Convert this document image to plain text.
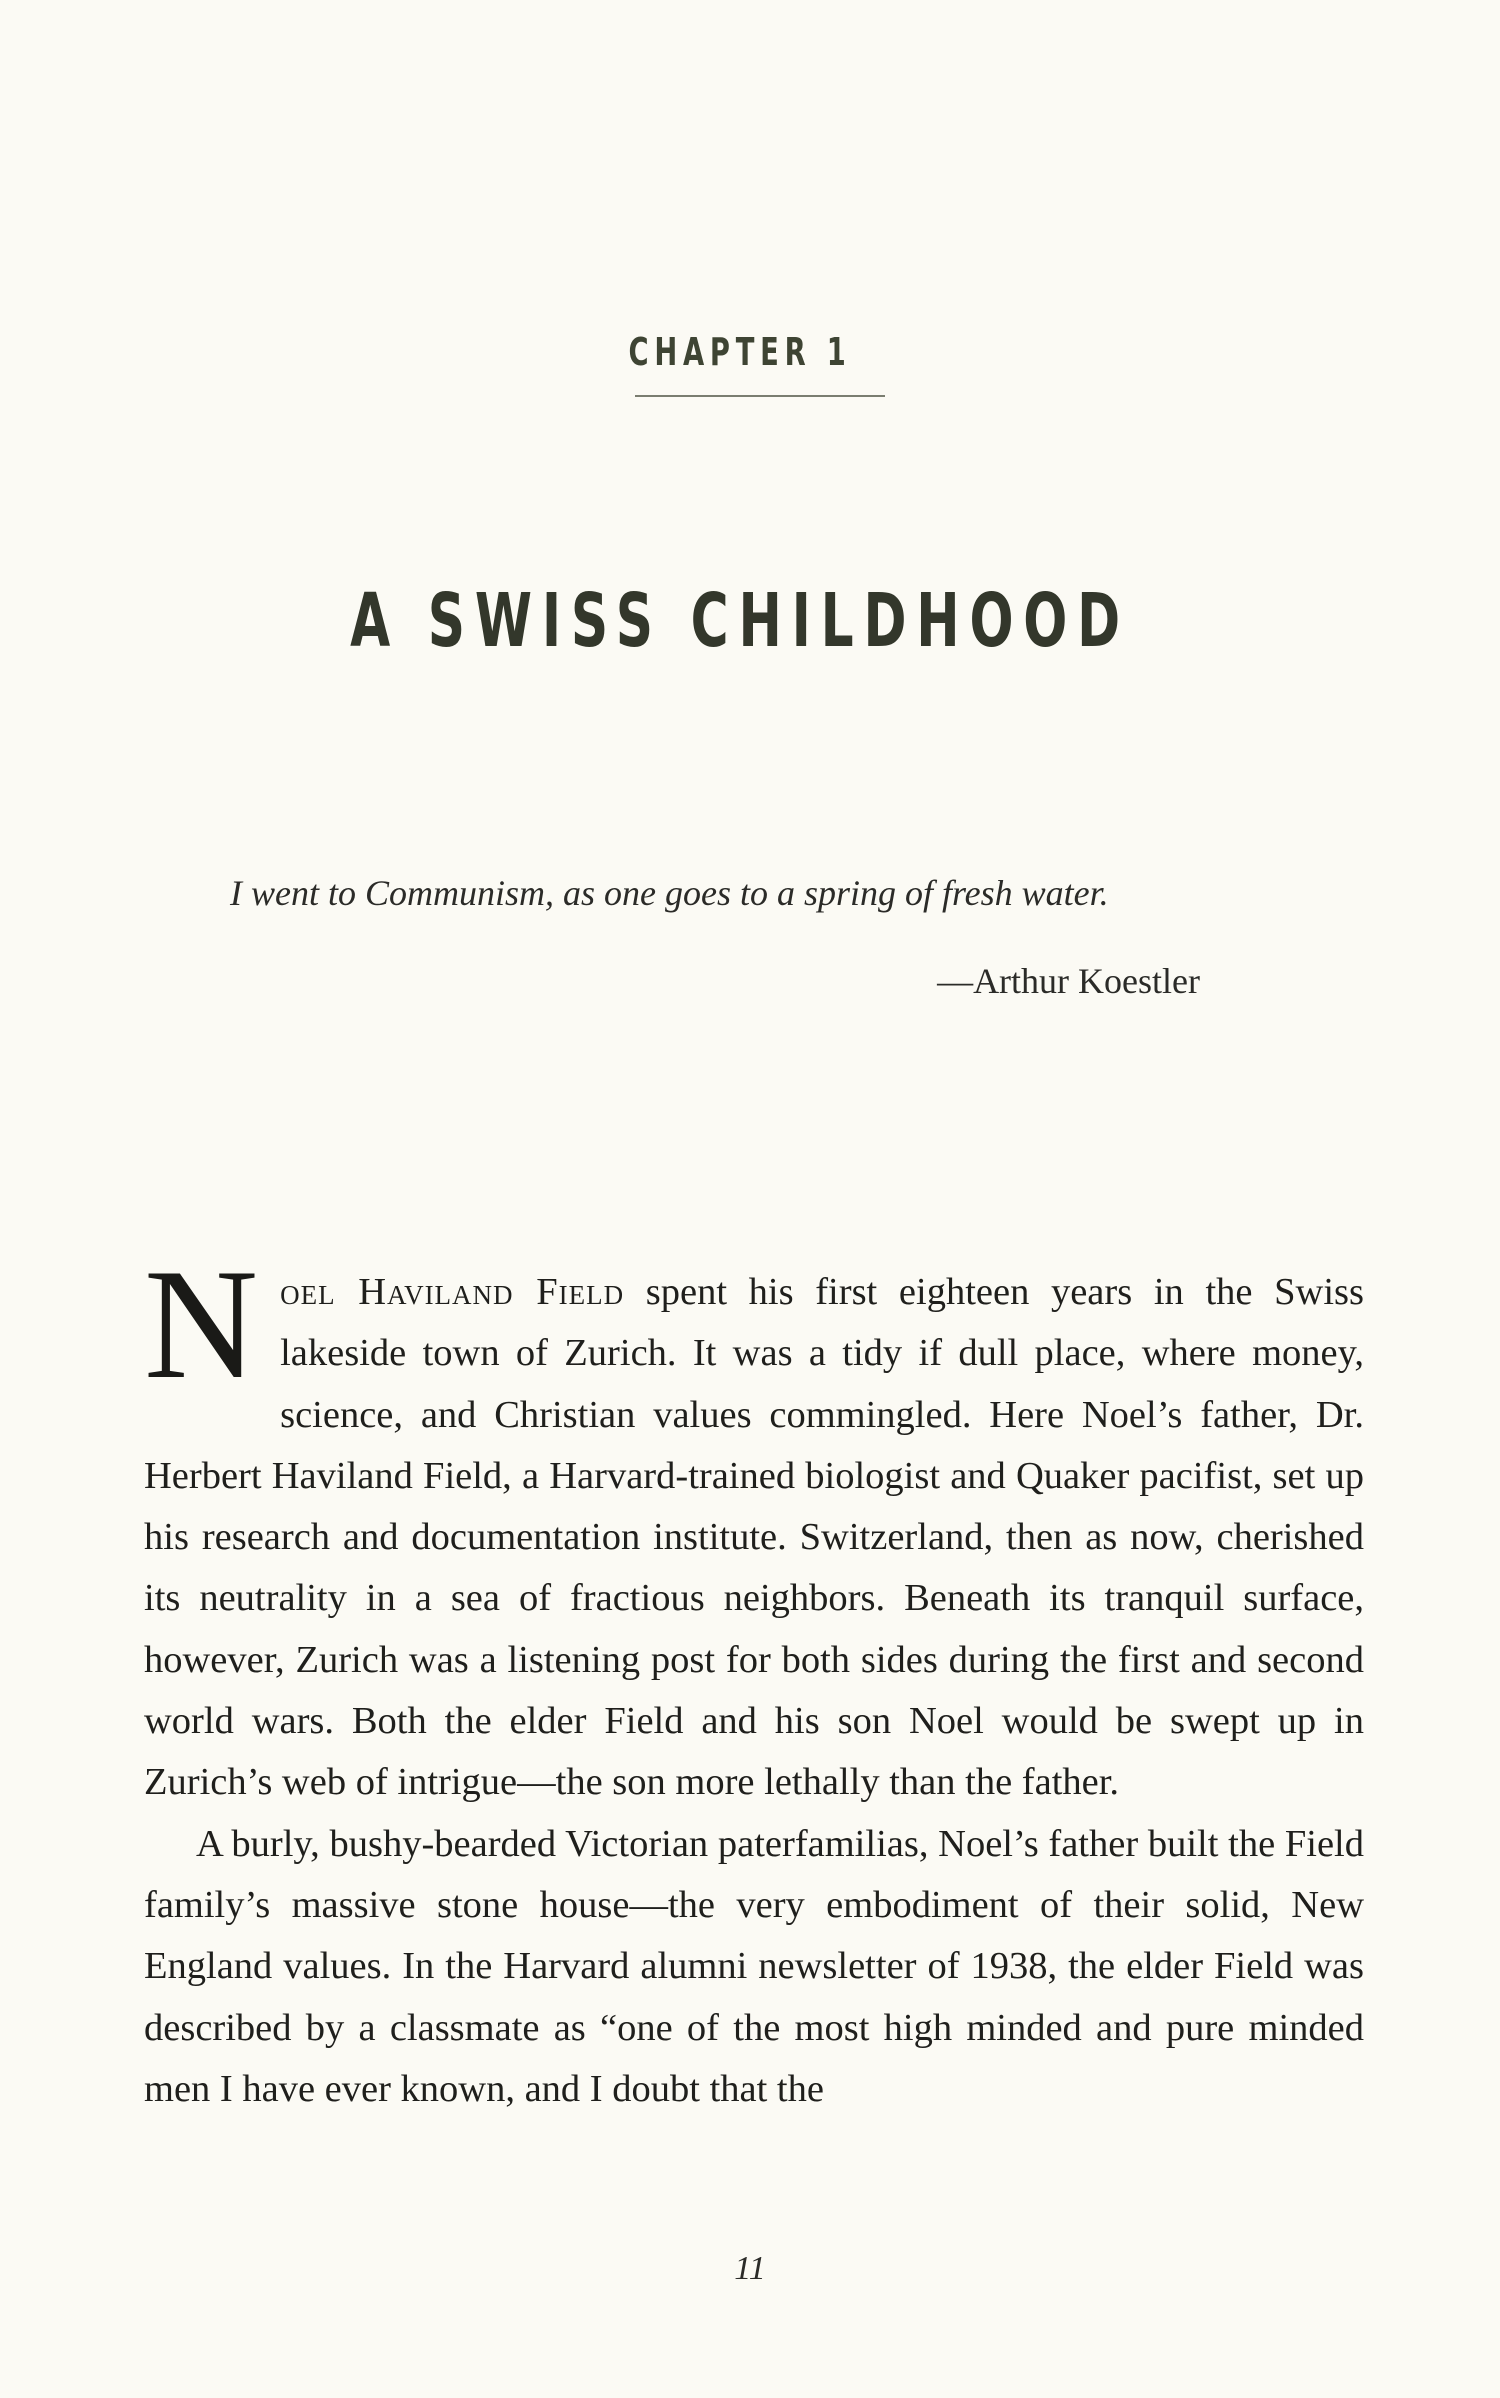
CHAPTER 1
A SWISS CHILDHOOD
I went to Communism, as one goes to a spring of fresh water.
—Arthur Koestler

Noel Haviland Field spent his first eighteen years in the Swiss lakeside town of Zurich. It was a tidy if dull place, where money, science, and Christian values commingled. Here Noel’s father, Dr. Herbert Haviland Field, a Harvard-trained biologist and Quaker pacifist, set up his research and documentation institute. Switzerland, then as now, cherished its neutrality in a sea of fractious neighbors. Beneath its tranquil surface, however, Zurich was a listening post for both sides during the first and second world wars. Both the elder Field and his son Noel would be swept up in Zurich’s web of intrigue—the son more lethally than the father.

A burly, bushy-bearded Victorian paterfamilias, Noel’s father built the Field family’s massive stone house—the very embodiment of their solid, New England values. In the Harvard alumni newsletter of 1938, the elder Field was described by a classmate as “one of the most high minded and pure minded men I have ever known, and I doubt that the

11
